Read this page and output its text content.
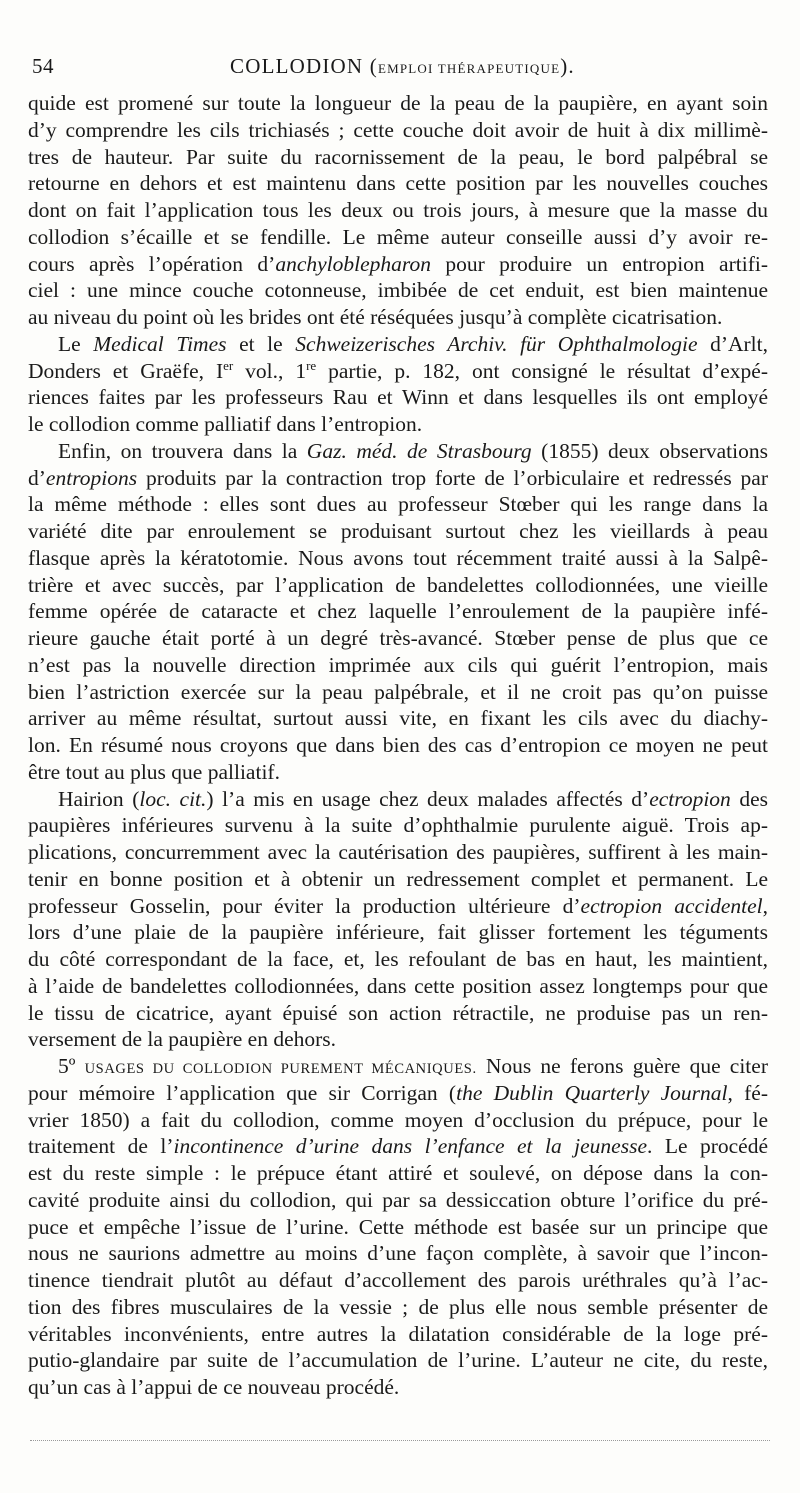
54	COLLODION (EMPLOI THÉRAPEUTIQUE).
quide est promené sur toute la longueur de la peau de la paupière, en ayant soin
d’y comprendre les cils trichiasés ; cette couche doit avoir de huit à dix millimè-
tres de hauteur. Par suite du racornissement de la peau, le bord palpébral se
retourne en dehors et est maintenu dans cette position par les nouvelles couches
dont on fait l’application tous les deux ou trois jours, à mesure que la masse du
collodion s’écaille et se fendille. Le même auteur conseille aussi d’y avoir re-
cours après l’opération d’anchyloblepharon pour produire un entropion artifi-
ciel : une mince couche cotonneuse, imbibée de cet enduit, est bien maintenue
au niveau du point où les brides ont été réséquées jusqu’à complète cicatrisation.
Le Medical Times et le Schweizerisches Archiv. für Ophthalmologie d’Arlt,
Donders et Graëfe, Ier vol., 1re partie, p. 182, ont consigné le résultat d’expé-
riences faites par les professeurs Rau et Winn et dans lesquelles ils ont employé
le collodion comme palliatif dans l’entropion.
Enfin, on trouvera dans la Gaz. méd. de Strasbourg (1855) deux observations
d’entropions produits par la contraction trop forte de l’orbiculaire et redressés par
la même méthode : elles sont dues au professeur Stœber qui les range dans la
variété dite par enroulement se produisant surtout chez les vieillards à peau
flasque après la kératotomie. Nous avons tout récemment traité aussi à la Salpê-
trière et avec succès, par l’application de bandelettes collodionnées, une vieille
femme opérée de cataracte et chez laquelle l’enroulement de la paupière infé-
rieure gauche était porté à un degré très-avancé. Stœber pense de plus que ce
n’est pas la nouvelle direction imprimée aux cils qui guérit l’entropion, mais
bien l’astriction exercée sur la peau palpébrale, et il ne croit pas qu’on puisse
arriver au même résultat, surtout aussi vite, en fixant les cils avec du diachy-
lon. En résumé nous croyons que dans bien des cas d’entropion ce moyen ne peut
être tout au plus que palliatif.
Hairion (loc. cit.) l’a mis en usage chez deux malades affectés d’ectropion des
paupières inférieures survenu à la suite d’ophthalmie purulente aiguë. Trois ap-
plications, concurremment avec la cautérisation des paupières, suffirent à les main-
tenir en bonne position et à obtenir un redressement complet et permanent. Le
professeur Gosselin, pour éviter la production ultérieure d’ectropion accidentel,
lors d’une plaie de la paupière inférieure, fait glisser fortement les téguments
du côté correspondant de la face, et, les refoulant de bas en haut, les maintient,
à l’aide de bandelettes collodionnées, dans cette position assez longtemps pour que
le tissu de cicatrice, ayant épuisé son action rétractile, ne produise pas un ren-
versement de la paupière en dehors.
5º USAGES DU COLLODION PUREMENT MÉCANIQUES. Nous ne ferons guère que citer
pour mémoire l’application que sir Corrigan (the Dublin Quarterly Journal, fé-
vrier 1850) a fait du collodion, comme moyen d’occlusion du prépuce, pour le
traitement de l’incontinence d’urine dans l’enfance et la jeunesse. Le procédé
est du reste simple : le prépuce étant attiré et soulevé, on dépose dans la con-
cavité produite ainsi du collodion, qui par sa dessiccation obture l’orifice du pré-
puce et empêche l’issue de l’urine. Cette méthode est basée sur un principe que
nous ne saurions admettre au moins d’une façon complète, à savoir que l’incon-
tinence tiendrait plutôt au défaut d’accollement des parois uréthrales qu’à l’ac-
tion des fibres musculaires de la vessie ; de plus elle nous semble présenter de
véritables inconvénients, entre autres la dilatation considérable de la loge pré-
putio-glandaire par suite de l’accumulation de l’urine. L’auteur ne cite, du reste,
qu’un cas à l’appui de ce nouveau procédé.
